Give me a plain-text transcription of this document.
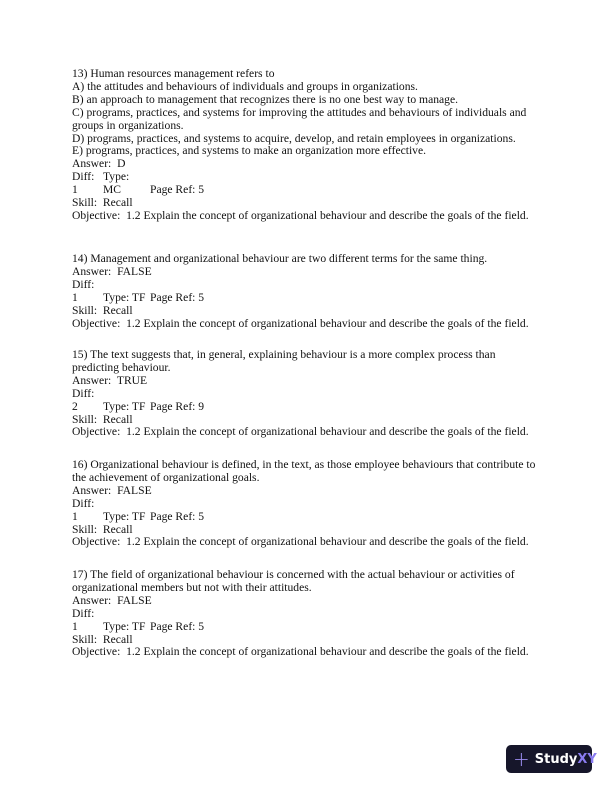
13) Human resources management refers to
A) the attitudes and behaviours of individuals and groups in organizations.
B) an approach to management that recognizes there is no one best way to manage.
C) programs, practices, and systems for improving the attitudes and behaviours of individuals and groups in organizations.
D) programs, practices, and systems to acquire, develop, and retain employees in organizations.
E) programs, practices, and systems to make an organization more effective.
Answer:  D
Diff: 1Type: MC Page Ref: 5
Skill:  Recall
Objective:  1.2 Explain the concept of organizational behaviour and describe the goals of the field.
14) Management and organizational behaviour are two different terms for the same thing.
Answer:  FALSE
Diff: 1 Type: TF Page Ref: 5
Skill:  Recall
Objective:  1.2 Explain the concept of organizational behaviour and describe the goals of the field.
15) The text suggests that, in general, explaining behaviour is a more complex process than predicting behaviour.
Answer:  TRUE
Diff: 2 Type: TF Page Ref: 9
Skill:  Recall
Objective:  1.2 Explain the concept of organizational behaviour and describe the goals of the field.
16) Organizational behaviour is defined, in the text, as those employee behaviours that contribute to the achievement of organizational goals.
Answer:  FALSE
Diff: 1 Type: TF Page Ref: 5
Skill:  Recall
Objective:  1.2 Explain the concept of organizational behaviour and describe the goals of the field.
17) The field of organizational behaviour is concerned with the actual behaviour or activities of organizational members but not with their attitudes.
Answer:  FALSE
Diff: 1 Type: TF Page Ref: 5
Skill:  Recall
Objective:  1.2 Explain the concept of organizational behaviour and describe the goals of the field.
+ StudyXY
